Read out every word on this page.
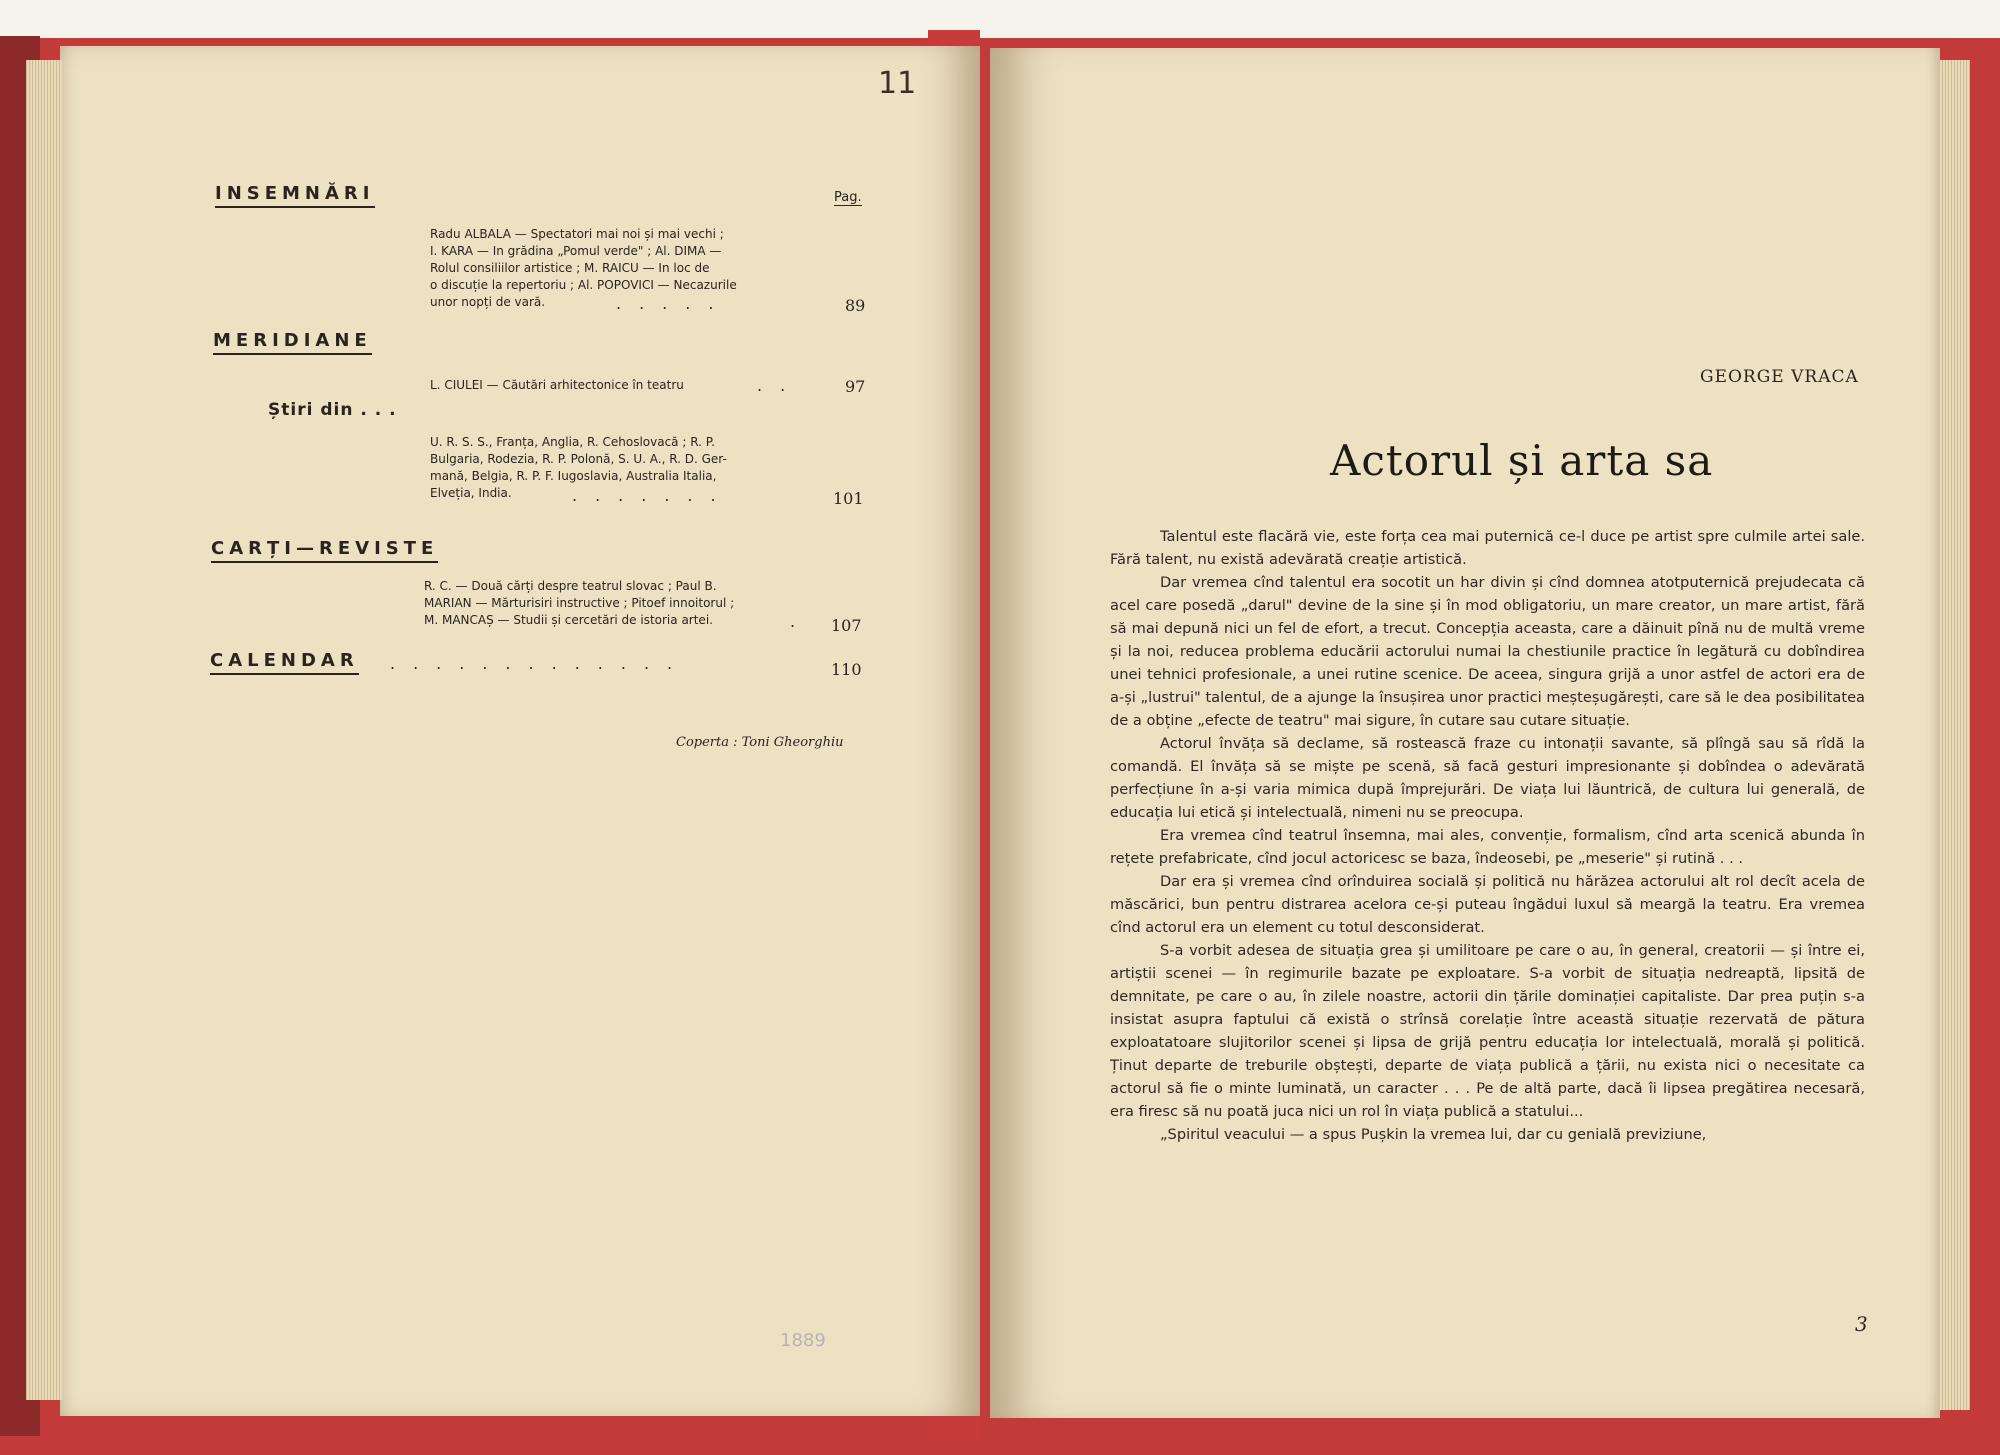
INSEMNĂRI	Pag.
Radu ALBALA — Spectatori mai noi și mai vechi ;
I. KARA — In grădina „Pomul verde" ; Al. DIMA —
Rolul consiliilor artistice ; M. RAICU — In loc de
o discuție la repertoriu ; Al. POPOVICI — Necazurile
unor nopți de vară.	.....	89
MERIDIANE
L. CIULEI — Căutări arhitectonice în teatru	..	97
Știri din . . .
U. R. S. S., Franța, Anglia, R. Cehoslovacă ; R. P.
Bulgaria, Rodezia, R. P. Polonă, S. U. A., R. D. Ger-
mană, Belgia, R. P. F. Iugoslavia, Australia Italia,
Elveția, India.	.......	101
CARȚI—REVISTE
R. C. — Două cărți despre teatrul slovac ; Paul B.
MARIAN — Mărturisiri instructive ; Pitoef innoitorul ;
M. MANCAȘ — Studii și cercetări de istoria artei.	. 107
CALENDAR .............	110
Coperta : Toni Gheorghiu
11
1889
GEORGE VRACA
Actorul și arta sa

Talentul este flacără vie, este forța cea mai puternică ce-l duce pe artist spre culmile artei sale. Fără talent, nu există adevărată creație artistică.

Dar vremea cînd talentul era socotit un har divin și cînd domnea atotputernică prejudecata că acel care posedă „darul" devine de la sine și în mod obligatoriu, un mare creator, un mare artist, fără să mai depună nici un fel de efort, a trecut. Concepția aceasta, care a dăinuit pînă nu de multă vreme și la noi, reducea problema educării actorului numai la chestiunile practice în legătură cu dobîndirea unei tehnici profesionale, a unei rutine scenice. De aceea, singura grijă a unor astfel de actori era de a-și „lustrui" talentul, de a ajunge la însușirea unor practici meșteșugărești, care să le dea posibilitatea de a obține „efecte de teatru" mai sigure, în cutare sau cutare situație.

Actorul învăța să declame, să rostească fraze cu intonații savante, să plîngă sau să rîdă la comandă. El învăța să se miște pe scenă, să facă gesturi impresionante și dobîndea o adevărată perfecțiune în a-și varia mimica după împrejurări. De viața lui lăuntrică, de cultura lui generală, de educația lui etică și intelectuală, nimeni nu se preocupa.

Era vremea cînd teatrul însemna, mai ales, convenție, formalism, cînd arta scenică abunda în rețete prefabricate, cînd jocul actoricesc se baza, îndeosebi, pe „meserie" și rutină . . .

Dar era și vremea cînd orînduirea socială și politică nu hărăzea actorului alt rol decît acela de măscărici, bun pentru distrarea acelora ce-și puteau îngădui luxul să meargă la teatru. Era vremea cînd actorul era un element cu totul desconsiderat.

S-a vorbit adesea de situația grea și umilitoare pe care o au, în general, creatorii — și între ei, artiștii scenei — în regimurile bazate pe exploatare. S-a vorbit de situația nedreaptă, lipsită de demnitate, pe care o au, în zilele noastre, actorii din țările dominației capitaliste. Dar prea puțin s-a insistat asupra faptului că există o strînsă corelație între această situație rezervată de pătura exploatatoare slujitorilor scenei și lipsa de grijă pentru educația lor intelectuală, morală și politică. Ținut departe de treburile obștești, departe de viața publică a țării, nu exista nici o necesitate ca actorul să fie o minte luminată, un caracter . . . Pe de altă parte, dacă îi lipsea pregătirea necesară, era firesc să nu poată juca nici un rol în viața publică a statului...

„Spiritul veacului — a spus Pușkin la vremea lui, dar cu genială previziune,

3
